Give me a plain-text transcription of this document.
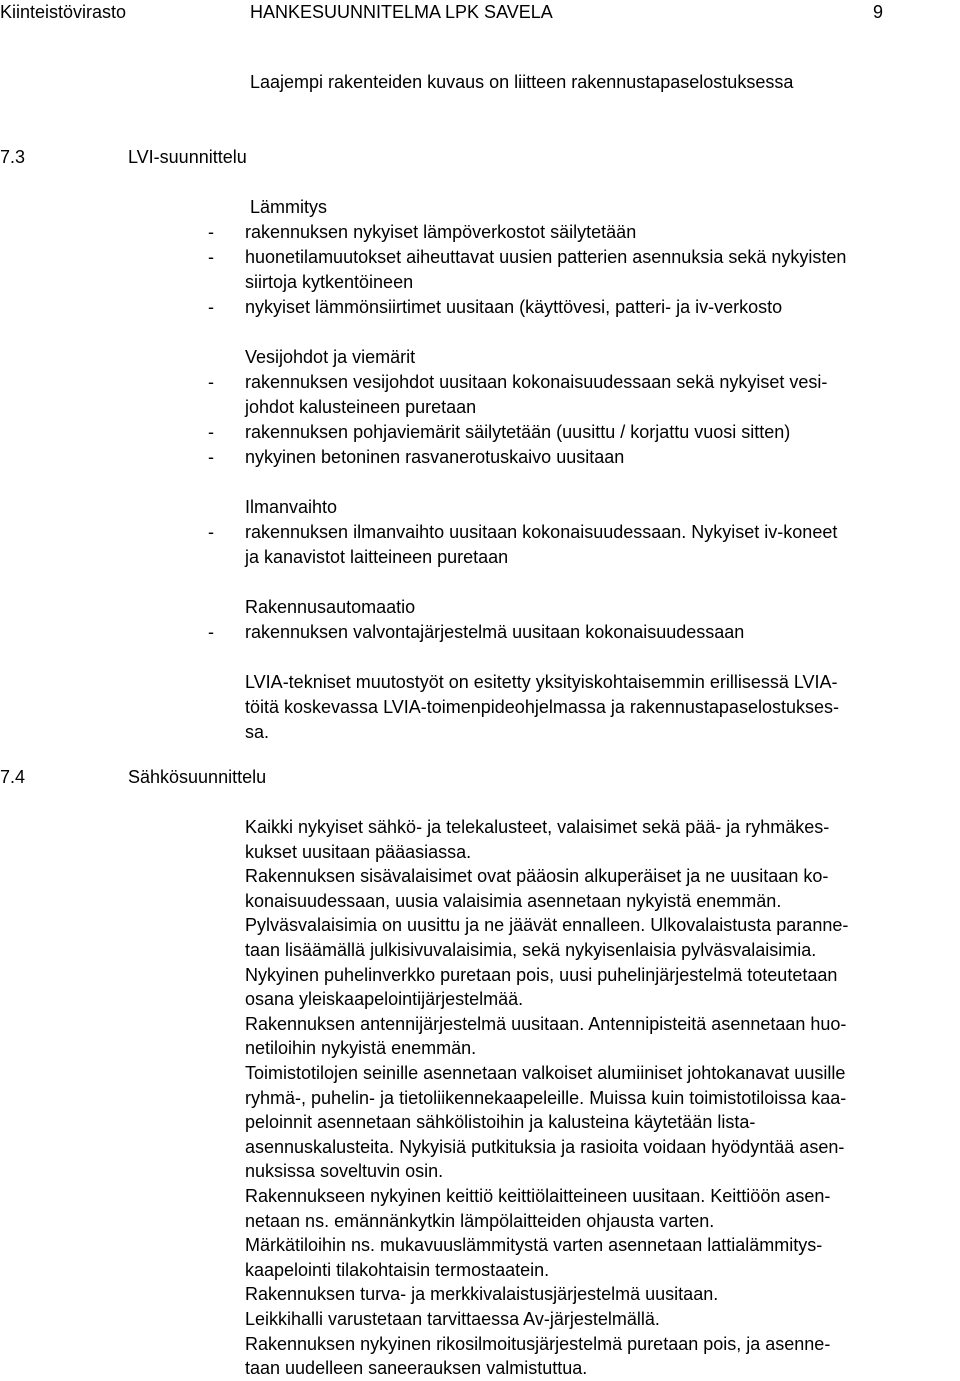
Kiinteistövirasto	HANKESUUNNITELMA LPK SAVELA	9
Laajempi rakenteiden kuvaus on liitteen rakennustapaselostuksessa
7.3	LVI-suunnittelu
Lämmitys
- rakennuksen nykyiset lämpöverkostot säilytetään
- huonetilamuutokset aiheuttavat uusien patterien asennuksia sekä nykyisten
siirtoja kytkentöineen
- nykyiset lämmönsiirtimet uusitaan (käyttövesi, patteri- ja iv-verkosto
Vesijohdot ja viemärit
- rakennuksen vesijohdot uusitaan kokonaisuudessaan sekä nykyiset vesi-
johdot kalusteineen puretaan
- rakennuksen pohjaviemärit säilytetään (uusittu / korjattu vuosi sitten)
- nykyinen betoninen rasvanerotuskaivo uusitaan
Ilmanvaihto
- rakennuksen ilmanvaihto uusitaan kokonaisuudessaan. Nykyiset iv-koneet
ja kanavistot laitteineen puretaan
Rakennusautomaatio
- rakennuksen valvontajärjestelmä uusitaan kokonaisuudessaan
LVIA-tekniset muutostyöt on esitetty yksityiskohtaisemmin erillisessä LVIA-
töitä koskevassa LVIA-toimenpideohjelmassa ja rakennustapaselostukses-
sa.
7.4	Sähkösuunnittelu
Kaikki nykyiset sähkö- ja telekalusteet, valaisimet sekä pää- ja ryhmäkes-
kukset uusitaan pääasiassa.
Rakennuksen sisävalaisimet ovat pääosin alkuperäiset ja ne uusitaan ko-
konaisuudessaan, uusia valaisimia asennetaan nykyistä enemmän.
Pylväsvalaisimia on uusittu ja ne jäävät ennalleen. Ulkovalaistusta paranne-
taan lisäämällä julkisivuvalaisimia, sekä nykyisenlaisia pylväsvalaisimia.
Nykyinen puhelinverkko puretaan pois, uusi puhelinjärjestelmä toteutetaan
osana yleiskaapelointijärjestelmää.
Rakennuksen antennijärjestelmä uusitaan. Antennipisteitä asennetaan huo-
netiloihin nykyistä enemmän.
Toimistotilojen seinille asennetaan valkoiset alumiiniset johtokanavat uusille
ryhmä-, puhelin- ja tietoliikennekaapeleille. Muissa kuin toimistotiloissa kaa-
peloinnit asennetaan sähkölistoihin ja kalusteina käytetään lista-
asennuskalusteita. Nykyisiä putkituksia ja rasioita voidaan hyödyntää asen-
nuksissa soveltuvin osin.
Rakennukseen nykyinen keittiö keittiölaitteineen uusitaan. Keittiöön asen-
netaan ns. emännänkytkin lämpölaitteiden ohjausta varten.
Märkätiloihin ns. mukavuuslämmitystä varten asennetaan lattialämmitys-
kaapelointi tilakohtaisin termostaatein.
Rakennuksen turva- ja merkkivalaistusjärjestelmä uusitaan.
Leikkihalli varustetaan tarvittaessa Av-järjestelmällä.
Rakennuksen nykyinen rikosilmoitusjärjestelmä puretaan pois, ja asenne-
taan uudelleen saneerauksen valmistuttua.
